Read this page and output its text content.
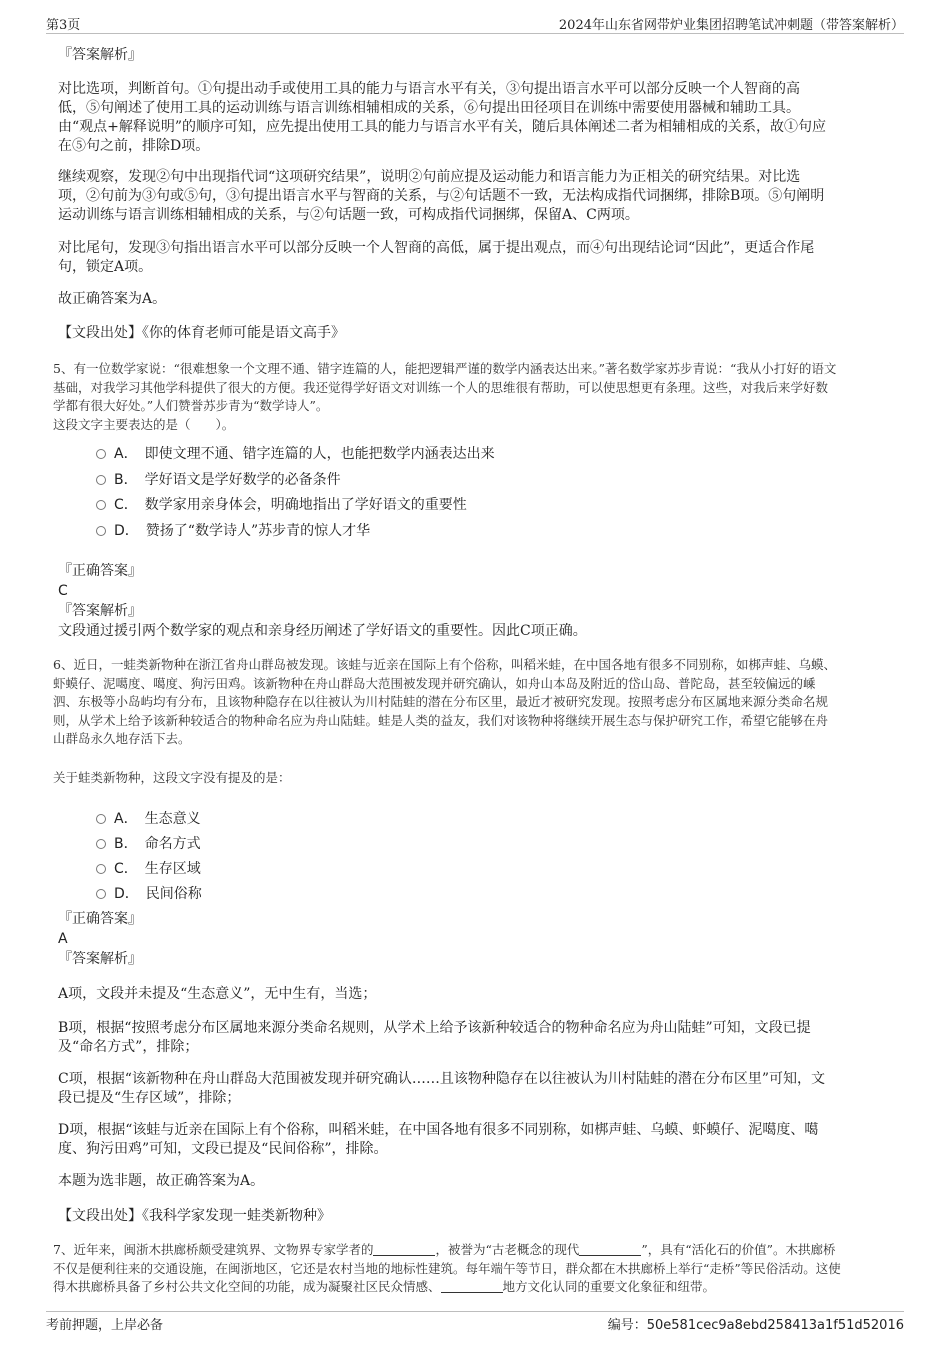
第3页	2024年山东省网带炉业集团招聘笔试冲刺题（带答案解析）
『答案解析』
对比选项，判断首句。①句提出动手或使用工具的能力与语言水平有关，③句提出语言水平可以部分反映一个人智商的高
低，⑤句阐述了使用工具的运动训练与语言训练相辅相成的关系，⑥句提出田径项目在训练中需要使用器械和辅助工具。
由“观点+解释说明”的顺序可知，应先提出使用工具的能力与语言水平有关，随后具体阐述二者为相辅相成的关系，故①句应
在⑤句之前，排除D项。
继续观察，发现②句中出现指代词“这项研究结果”，说明②句前应提及运动能力和语言能力为正相关的研究结果。对比选
项，②句前为③句或⑤句，③句提出语言水平与智商的关系，与②句话题不一致，无法构成指代词捆绑，排除B项。⑤句阐明
运动训练与语言训练相辅相成的关系，与②句话题一致，可构成指代词捆绑，保留A、C两项。
对比尾句，发现③句指出语言水平可以部分反映一个人智商的高低，属于提出观点，而④句出现结论词“因此”，更适合作尾
句，锁定A项。
故正确答案为A。
【文段出处】《你的体育老师可能是语文高手》
5、有一位数学家说：“很难想象一个文理不通、错字连篇的人，能把逻辑严谨的数学内涵表达出来。”著名数学家苏步青说：“我从小打好的语文
基础，对我学习其他学科提供了很大的方便。我还觉得学好语文对训练一个人的思维很有帮助，可以使思想更有条理。这些，对我后来学好数
学都有很大好处。”人们赞誉苏步青为“数学诗人”。
这段文字主要表达的是（　　）。
A．　 即使文理不通、错字连篇的人，也能把数学内涵表达出来
B．　 学好语文是学好数学的必备条件
C．　 数学家用亲身体会，明确地指出了学好语文的重要性
D．　 赞扬了“数学诗人”苏步青的惊人才华
『正确答案』
C
『答案解析』
文段通过援引两个数学家的观点和亲身经历阐述了学好语文的重要性。因此C项正确。
6、近日，一蛙类新物种在浙江省舟山群岛被发现。该蛙与近亲在国际上有个俗称，叫稻米蛙，在中国各地有很多不同别称，如梆声蛙、乌蟆、
虾蟆仔、泥噶度、噶度、狗污田鸡。该新物种在舟山群岛大范围被发现并研究确认，如舟山本岛及附近的岱山岛、普陀岛，甚至较偏远的嵊
泗、东极等小岛屿均有分布，且该物种隐存在以往被认为川村陆蛙的潜在分布区里，最近才被研究发现。按照考虑分布区属地来源分类命名规
则，从学术上给予该新种较适合的物种命名应为舟山陆蛙。蛙是人类的益友，我们对该物种将继续开展生态与保护研究工作，希望它能够在舟
山群岛永久地存活下去。
关于蛙类新物种，这段文字没有提及的是：
A．　 生态意义
B．　 命名方式
C．　 生存区域
D．　 民间俗称
『正确答案』
A
『答案解析』
A项，文段并未提及“生态意义”，无中生有，当选；
B项，根据“按照考虑分布区属地来源分类命名规则，从学术上给予该新种较适合的物种命名应为舟山陆蛙”可知，文段已提
及“命名方式”，排除；
C项，根据“该新物种在舟山群岛大范围被发现并研究确认……且该物种隐存在以往被认为川村陆蛙的潜在分布区里”可知，文
段已提及“生存区域”，排除；
D项，根据“该蛙与近亲在国际上有个俗称，叫稻米蛙，在中国各地有很多不同别称，如梆声蛙、乌蟆、虾蟆仔、泥噶度、噶
度、狗污田鸡”可知，文段已提及“民间俗称”，排除。
本题为选非题，故正确答案为A。
【文段出处】《我科学家发现一蛙类新物种》
7、近年来，闽浙木拱廊桥颇受建筑界、文物界专家学者的	，被誉为“古老概念的现代	”，具有“活化石的价值”。木拱廊桥
不仅是便利往来的交通设施，在闽浙地区，它还是农村当地的地标性建筑。每年端午等节日，群众都在木拱廊桥上举行“走桥”等民俗活动。这使
得木拱廊桥具备了乡村公共文化空间的功能，成为凝聚社区民众情感、	地方文化认同的重要文化象征和纽带。
考前押题，上岸必备	编号：50e581cec9a8ebd258413a1f51d52016
